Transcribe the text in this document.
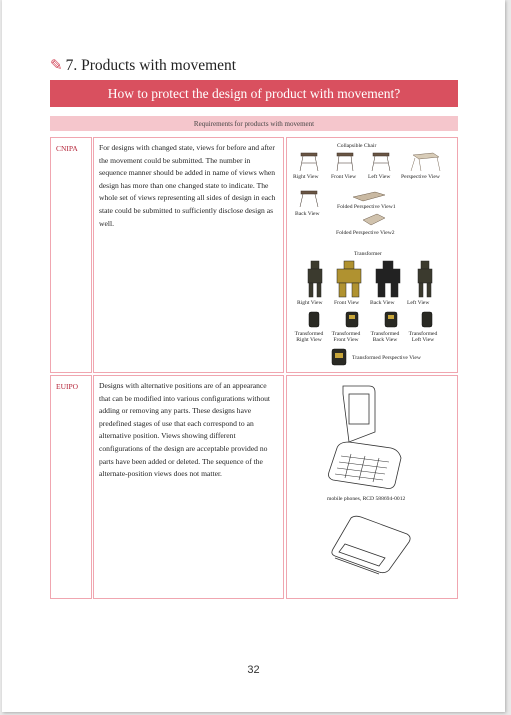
✎ 7. Products with movement
How to protect the design of product with movement?
Requirements for products with movement
CNIPA	For designs with changed state, views for before and after the movement could be submitted. The number in sequence manner should be added in name of views when design has more than one changed state to indicate. The whole set of views representing all sides of design in each state could be submitted to sufficiently disclose design as well.
Collapsible Chair
Right View Front View Left View Perspective View
Back View
Folded Perspective View1
Folded Perspective View2
Transformer
Right View Front View Back View Left View
Transformed Right View
Transformed Front View
Transformed Back View
Transformed Left View
Transformed Perspective View
EUIPO	Designs with alternative positions are of an appearance that can be modified into various configurations without adding or removing any parts. These designs have predefined stages of use that each correspond to an alternative position. Views showing different configurations of the design are acceptable provided no parts have been added or deleted. The sequence of the alternate-position views does not matter.
mobile phones, RCD 588694-0012
32
